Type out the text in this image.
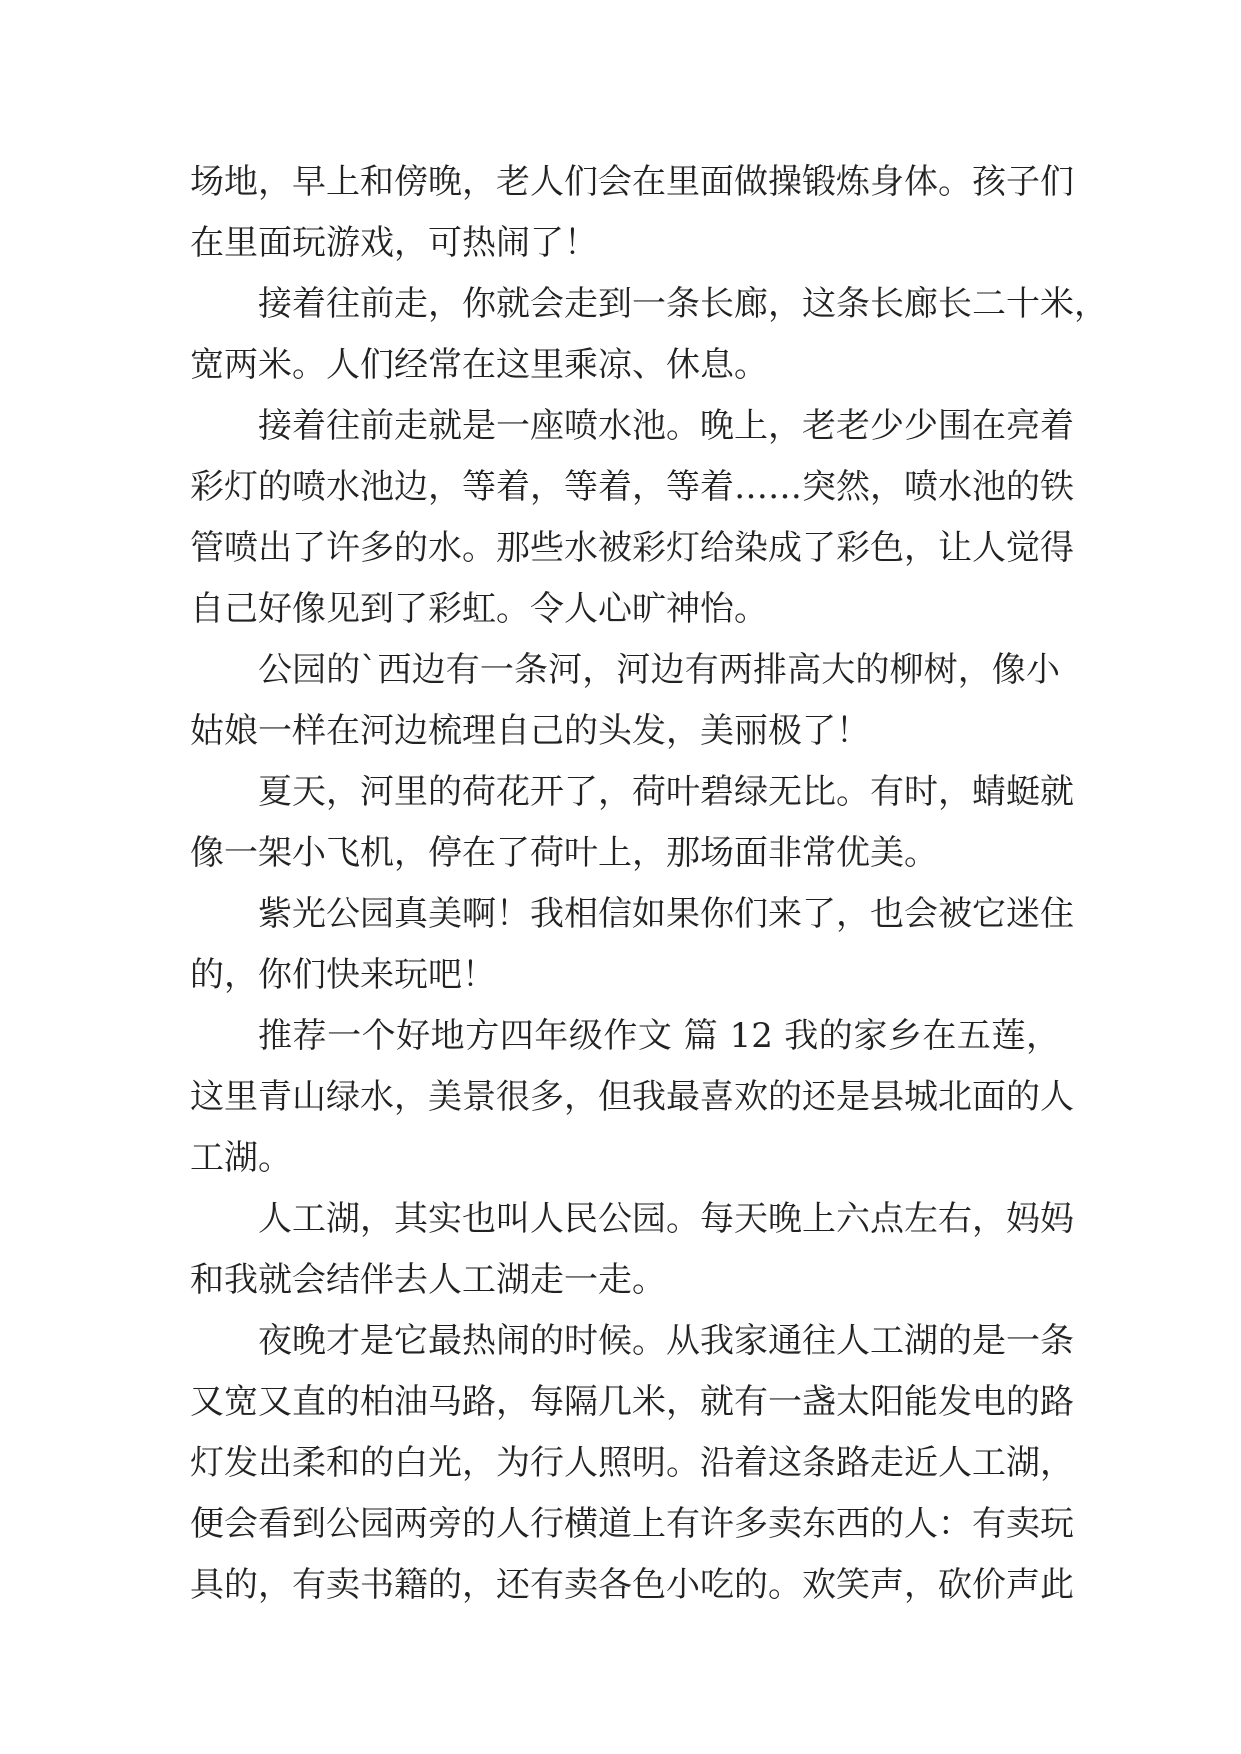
场地，早上和傍晚，老人们会在里面做操锻炼身体。孩子们

在里面玩游戏，可热闹了！

接着往前走，你就会走到一条长廊，这条长廊长二十米，

宽两米。人们经常在这里乘凉、休息。

接着往前走就是一座喷水池。晚上，老老少少围在亮着

彩灯的喷水池边，等着，等着，等着……突然，喷水池的铁

管喷出了许多的水。那些水被彩灯给染成了彩色，让人觉得

自己好像见到了彩虹。令人心旷神怡。

公园的`西边有一条河，河边有两排高大的柳树，像小

姑娘一样在河边梳理自己的头发，美丽极了！

夏天，河里的荷花开了，荷叶碧绿无比。有时，蜻蜓就

像一架小飞机，停在了荷叶上，那场面非常优美。

紫光公园真美啊！我相信如果你们来了，也会被它迷住

的，你们快来玩吧！

推荐一个好地方四年级作文 篇 12 我的家乡在五莲，

这里青山绿水，美景很多，但我最喜欢的还是县城北面的人

工湖。

人工湖，其实也叫人民公园。每天晚上六点左右，妈妈

和我就会结伴去人工湖走一走。

夜晚才是它最热闹的时候。从我家通往人工湖的是一条

又宽又直的柏油马路，每隔几米，就有一盏太阳能发电的路

灯发出柔和的白光，为行人照明。沿着这条路走近人工湖，

便会看到公园两旁的人行横道上有许多卖东西的人：有卖玩

具的，有卖书籍的，还有卖各色小吃的。欢笑声，砍价声此
